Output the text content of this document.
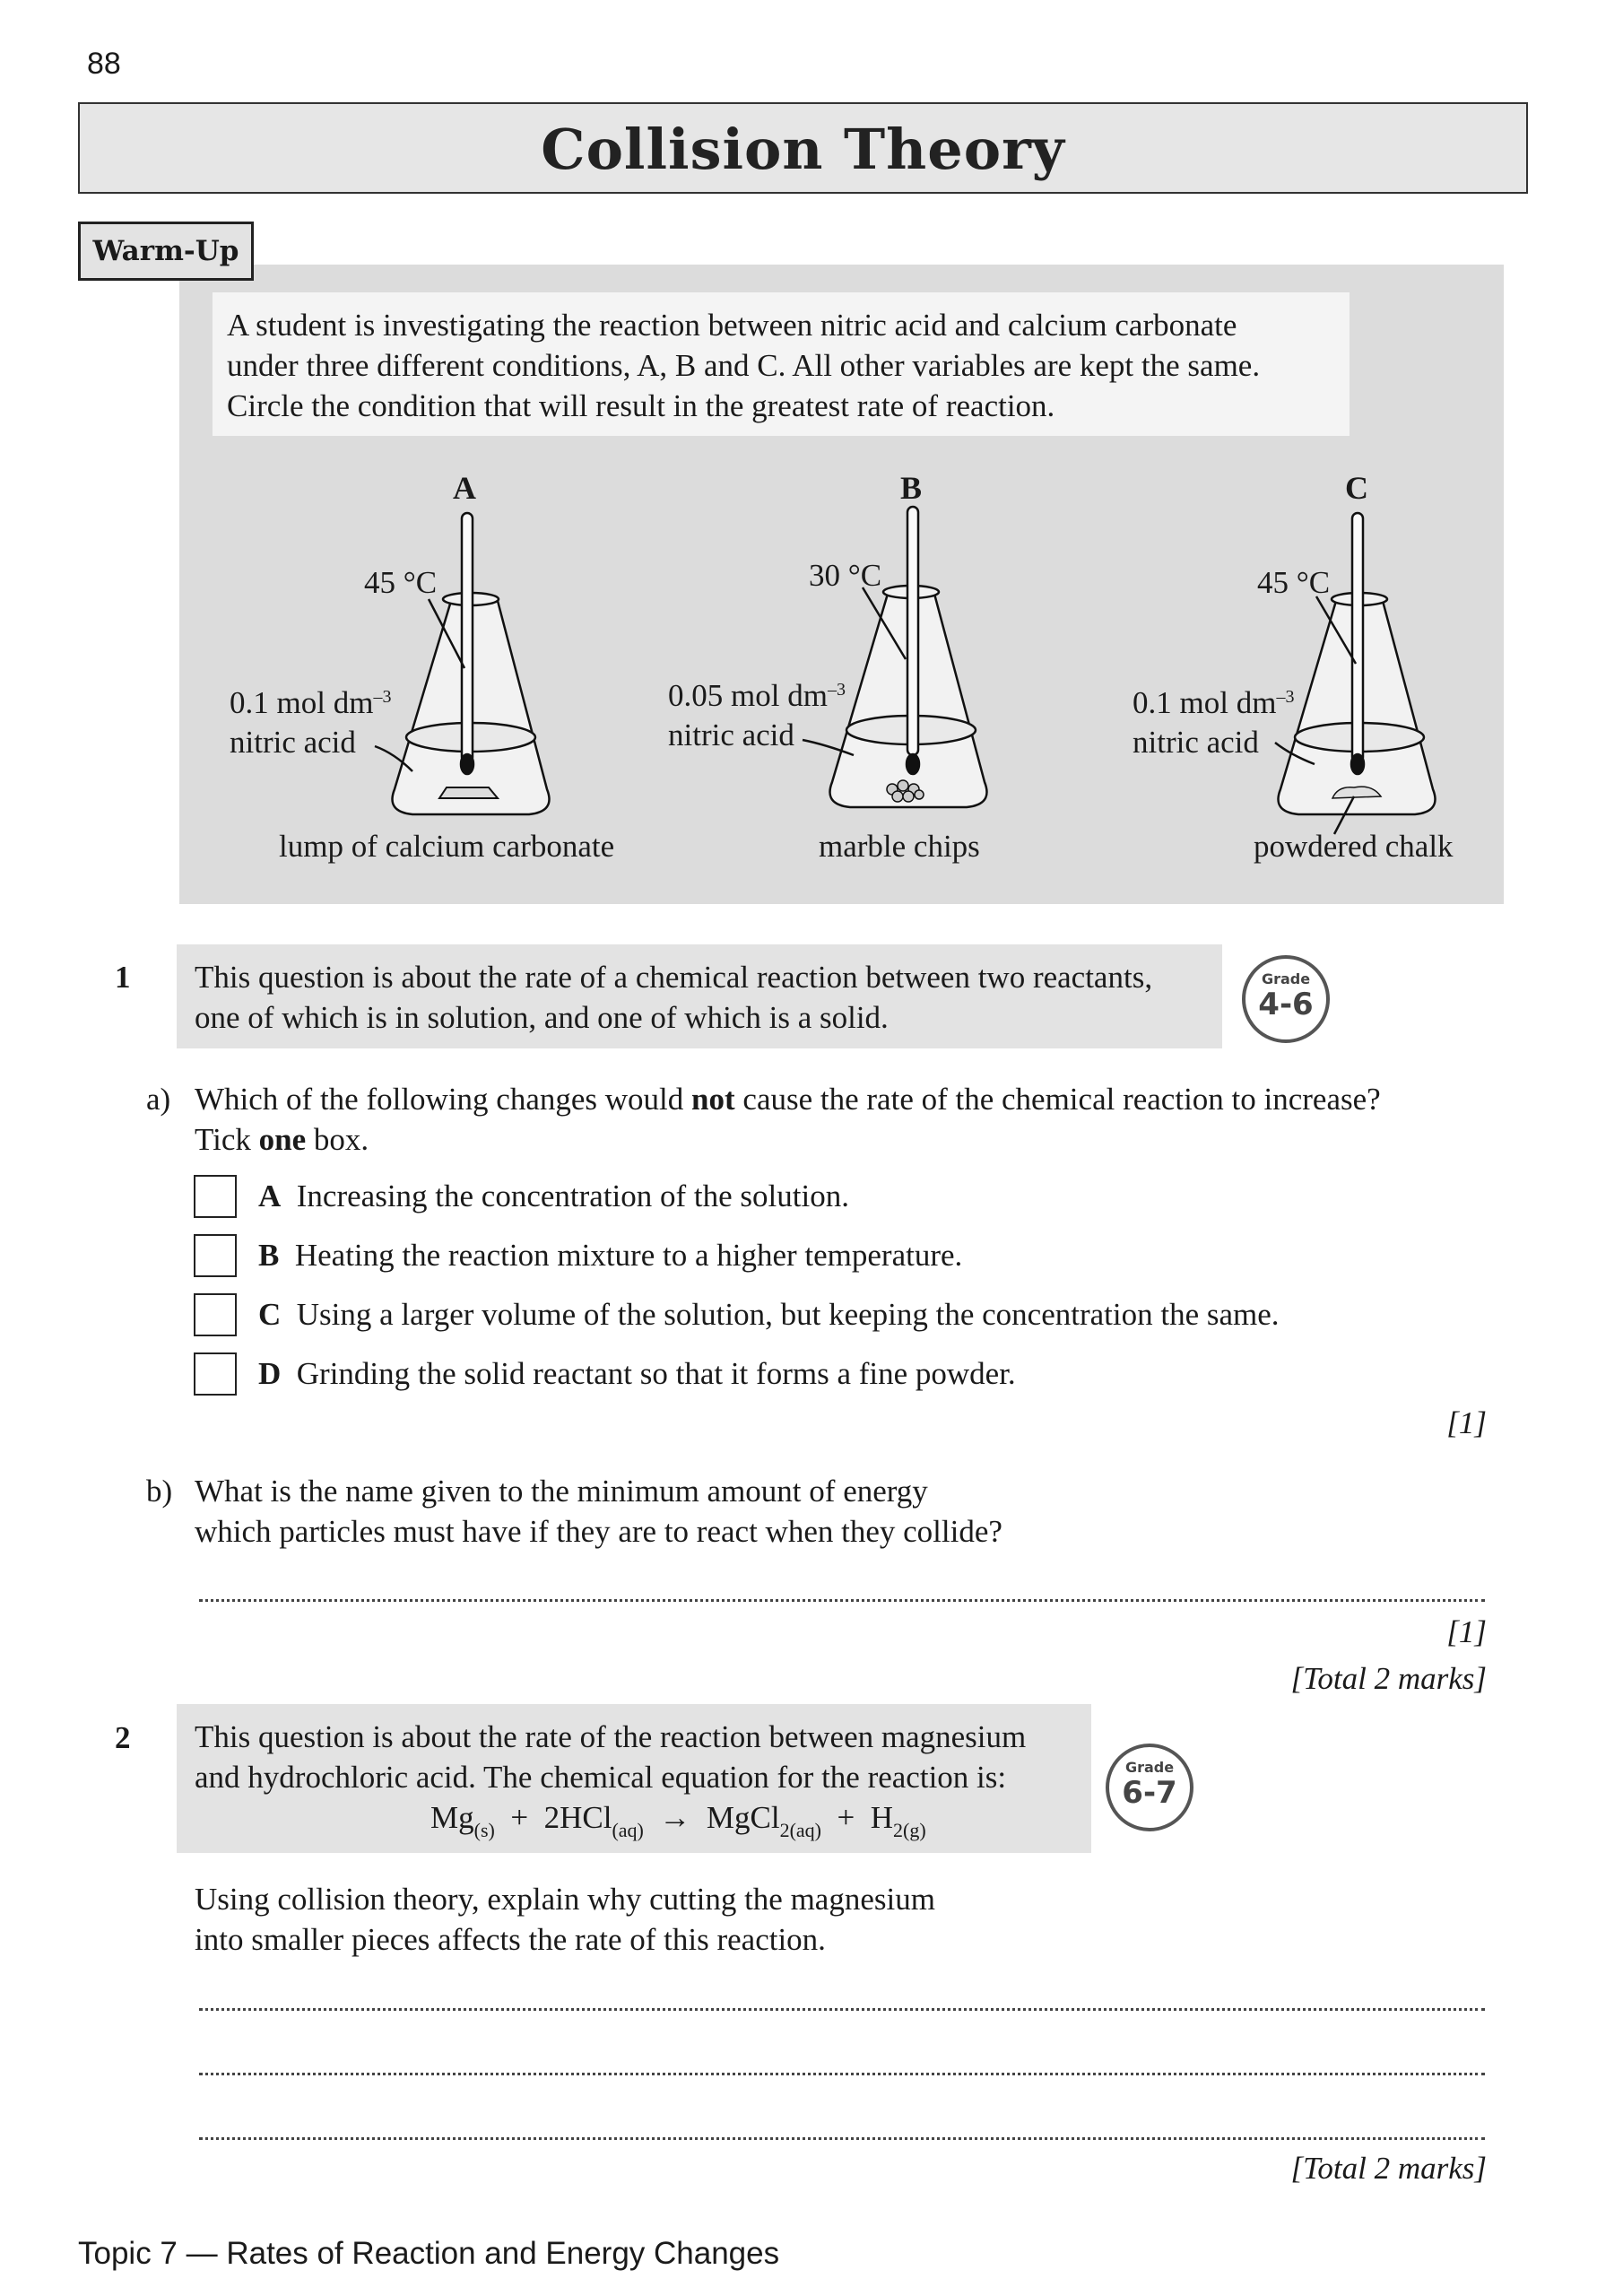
88
Collision Theory
Warm-Up
A student is investigating the reaction between nitric acid and calcium carbonate
under three different conditions, A, B and C. All other variables are kept the same.
Circle the condition that will result in the greatest rate of reaction.
A
45 °C
0.1 mol $dm^{-3}$
nitric acid
lump of calcium carbonate
B
30 °C
0.05 mol $dm^{-3}$
nitric acid
marble chips
C
45 °C
0.1 mol $dm^{-3}$
nitric acid
powdered chalk
1 This question is about the rate of a chemical reaction between two reactants,
one of which is in solution, and one of which is a solid.
Grade
4-6
a) Which of the following changes would not cause the rate of the chemical reaction to increase?
Tick one box.
A Increasing the concentration of the solution.
B Heating the reaction mixture to a higher temperature.
C Using a larger volume of the solution, but keeping the concentration the same.
D Grinding the solid reactant so that it forms a fine powder.
[1]
b) What is the name given to the minimum amount of energy
which particles must have if they are to react when they collide?
[1]
[Total 2 marks]
2 This question is about the rate of the reaction between magnesium
and hydrochloric acid. The chemical equation for the reaction is:
$Mg_{(s)} + 2HCl_{(aq)}$ → MgCl$_{2(aq)}$ + $H_{2(g)}$
Grade
6-7
Using collision theory, explain why cutting the magnesium
into smaller pieces affects the rate of this reaction.
[Total 2 marks]
Topic 7 — Rates of Reaction and Energy Changes
